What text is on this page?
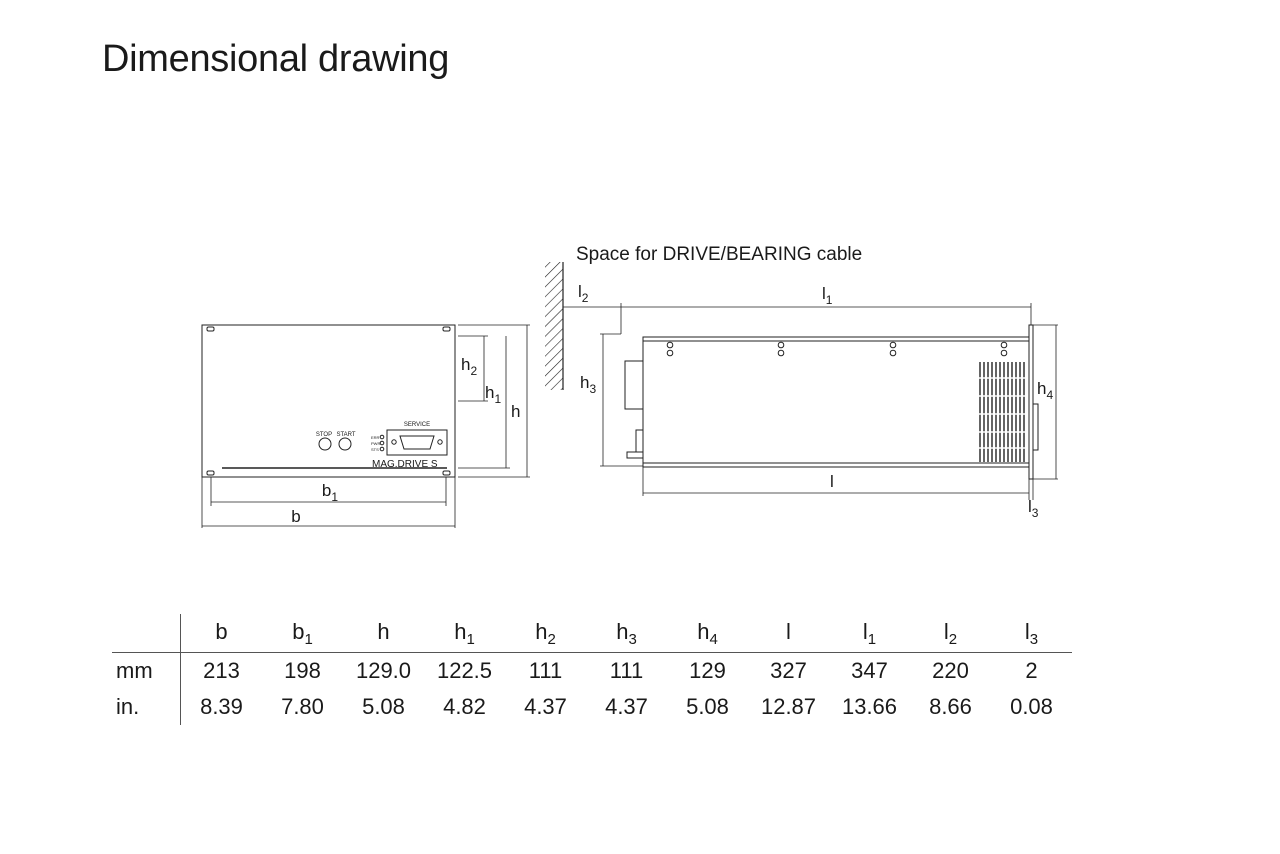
Dimensional drawing
STOP START
SERVICE
ERR
PWR
STS
MAG.DRIVE S
$b_1$
b
$h_2$
$h_1$
h
Space for DRIVE/BEARING cable
$l_1$
$l_2$
$h_3$	$h_4$
l
$l_3$
	b	$b_1$	h	$h_1$	$h_2$	$h_3$	$h_4$	l	$l_1$	$l_2$	$l_3$
mm	213	198	129.0	122.5	111	111	129	327	347	220	2
in.	8.39	7.80	5.08	4.82	4.37	4.37	5.08	12.87	13.66	8.66	0.08
